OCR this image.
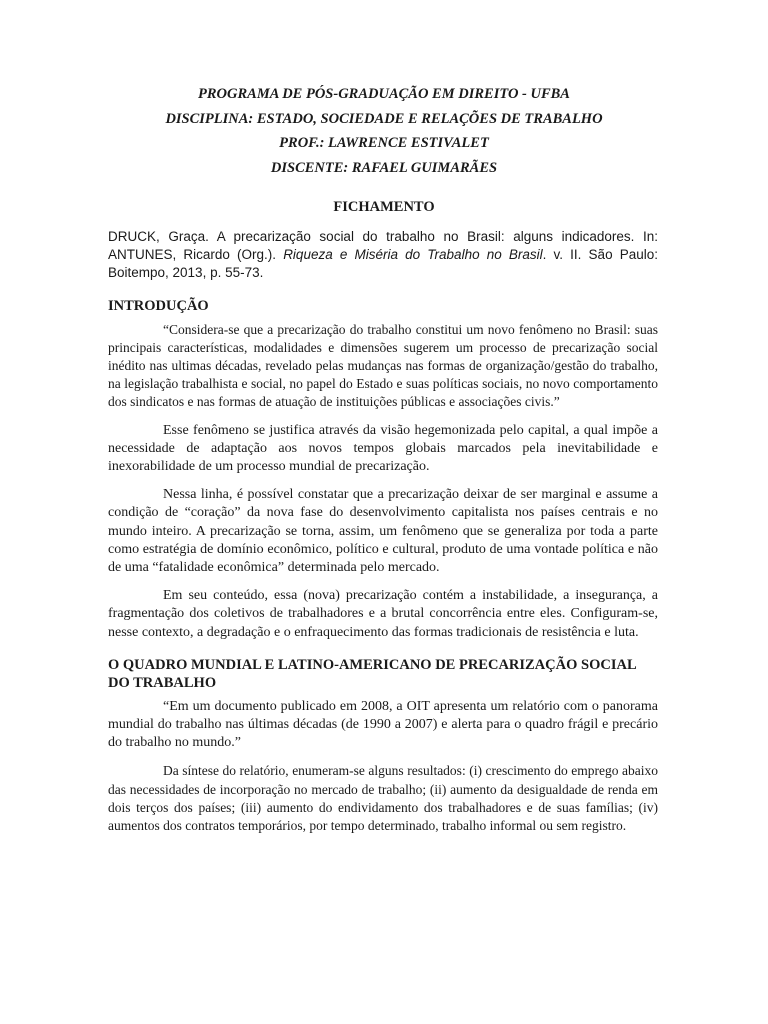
PROGRAMA DE PÓS-GRADUAÇÃO EM DIREITO - UFBA
DISCIPLINA: ESTADO, SOCIEDADE E RELAÇÕES DE TRABALHO
PROF.: LAWRENCE ESTIVALET
DISCENTE: RAFAEL GUIMARÃES
FICHAMENTO

DRUCK, Graça. A precarização social do trabalho no Brasil: alguns indicadores. In: ANTUNES, Ricardo (Org.). Riqueza e Miséria do Trabalho no Brasil. v. II. São Paulo: Boitempo, 2013, p. 55-73.

INTRODUÇÃO

“Considera-se que a precarização do trabalho constitui um novo fenômeno no Brasil: suas principais características, modalidades e dimensões sugerem um processo de precarização social inédito nas ultimas décadas, revelado pelas mudanças nas formas de organização/gestão do trabalho, na legislação trabalhista e social, no papel do Estado e suas políticas sociais, no novo comportamento dos sindicatos e nas formas de atuação de instituições públicas e associações civis.”

Esse fenômeno se justifica através da visão hegemonizada pelo capital, a qual impõe a necessidade de adaptação aos novos tempos globais marcados pela inevitabilidade e inexorabilidade de um processo mundial de precarização.

Nessa linha, é possível constatar que a precarização deixar de ser marginal e assume a condição de “coração” da nova fase do desenvolvimento capitalista nos países centrais e no mundo inteiro. A precarização se torna, assim, um fenômeno que se generaliza por toda a parte como estratégia de domínio econômico, político e cultural, produto de uma vontade política e não de uma “fatalidade econômica” determinada pelo mercado.

Em seu conteúdo, essa (nova) precarização contém a instabilidade, a insegurança, a fragmentação dos coletivos de trabalhadores e a brutal concorrência entre eles. Configuram-se, nesse contexto, a degradação e o enfraquecimento das formas tradicionais de resistência e luta.

O QUADRO MUNDIAL E LATINO-AMERICANO DE PRECARIZAÇÃO SOCIAL DO TRABALHO

“Em um documento publicado em 2008, a OIT apresenta um relatório com o panorama mundial do trabalho nas últimas décadas (de 1990 a 2007) e alerta para o quadro frágil e precário do trabalho no mundo.”

Da síntese do relatório, enumeram-se alguns resultados: (i) crescimento do emprego abaixo das necessidades de incorporação no mercado de trabalho; (ii) aumento da desigualdade de renda em dois terços dos países; (iii) aumento do endividamento dos trabalhadores e de suas famílias; (iv) aumentos dos contratos temporários, por tempo determinado, trabalho informal ou sem registro.
